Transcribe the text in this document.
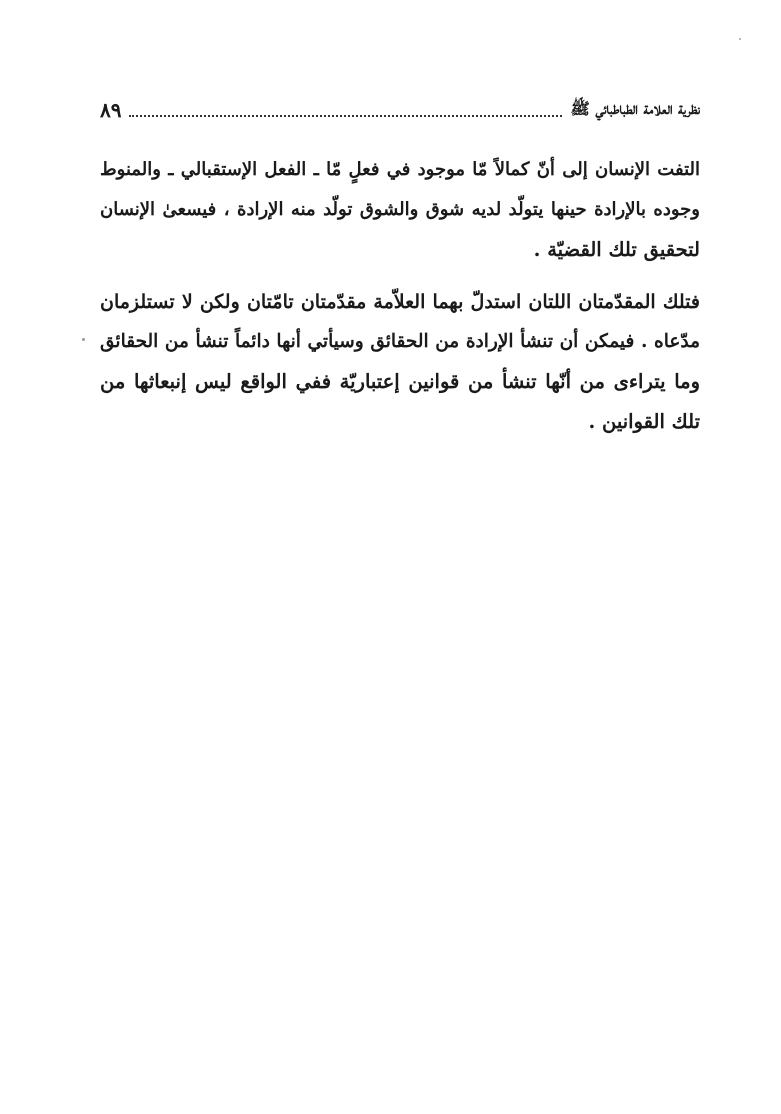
نظرية العلامة الطباطبائي ﷺ
٨٩

التفت الإنسان إلى أنّ كمالاً مّا موجود في فعلٍ مّا ـ الفعل الإستقبالي ـ والمنوط
وجوده بالإرادة حينها يتولّد لديه شوق والشوق تولّد منه الإرادة ، فيسعىٰ الإنسان
لتحقيق تلك القضيّة .

فتلك المقدّمتان اللتان استدلّ بهما العلاّمة مقدّمتان تامّتان ولكن لا تستلزمان
مدّعاه . فيمكن أن تنشأ الإرادة من الحقائق وسيأتي أنها دائماً تنشأ من الحقائق
وما يتراءى من أنّها تنشأ من قوانين إعتباريّة ففي الواقع ليس إنبعاثها من
تلك القوانين .
